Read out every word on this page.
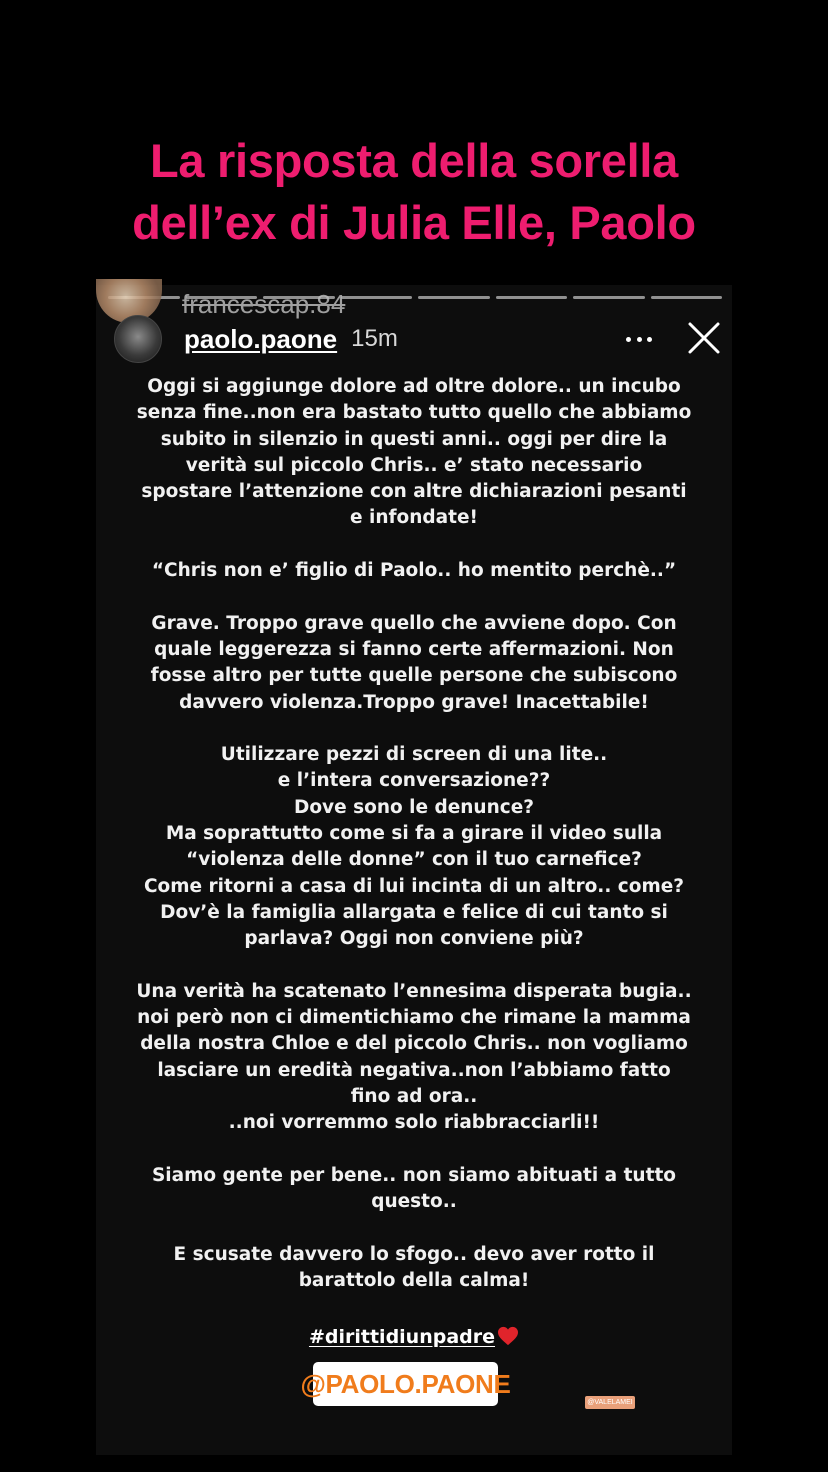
La risposta della sorella
dell’ex di Julia Elle, Paolo
francescap.84
paolo.paone 15m
Oggi si aggiunge dolore ad oltre dolore.. un incubo
senza fine..non era bastato tutto quello che abbiamo
subito in silenzio in questi anni.. oggi per dire la
verità sul piccolo Chris.. e’ stato necessario
spostare l’attenzione con altre dichiarazioni pesanti
e infondate!

“Chris non e’ figlio di Paolo.. ho mentito perchè..”

Grave. Troppo grave quello che avviene dopo. Con
quale leggerezza si fanno certe affermazioni. Non
fosse altro per tutte quelle persone che subiscono
davvero violenza.Troppo grave! Inacettabile!

Utilizzare pezzi di screen di una lite..
e l’intera conversazione??
Dove sono le denunce?
Ma soprattutto come si fa a girare il video sulla
“violenza delle donne” con il tuo carnefice?
Come ritorni a casa di lui incinta di un altro.. come?
Dov’è la famiglia allargata e felice di cui tanto si
parlava? Oggi non conviene più?

Una verità ha scatenato l’ennesima disperata bugia..
noi però non ci dimentichiamo che rimane la mamma
della nostra Chloe e del piccolo Chris.. non vogliamo
lasciare un eredità negativa..non l’abbiamo fatto
fino ad ora..
..noi vorremmo solo riabbracciarli!!

Siamo gente per bene.. non siamo abituati a tutto
questo..

E scusate davvero lo sfogo.. devo aver rotto il
barattolo della calma!
#dirittidiunpadre
@PAOLO.PAONE
@VALELAMEI
